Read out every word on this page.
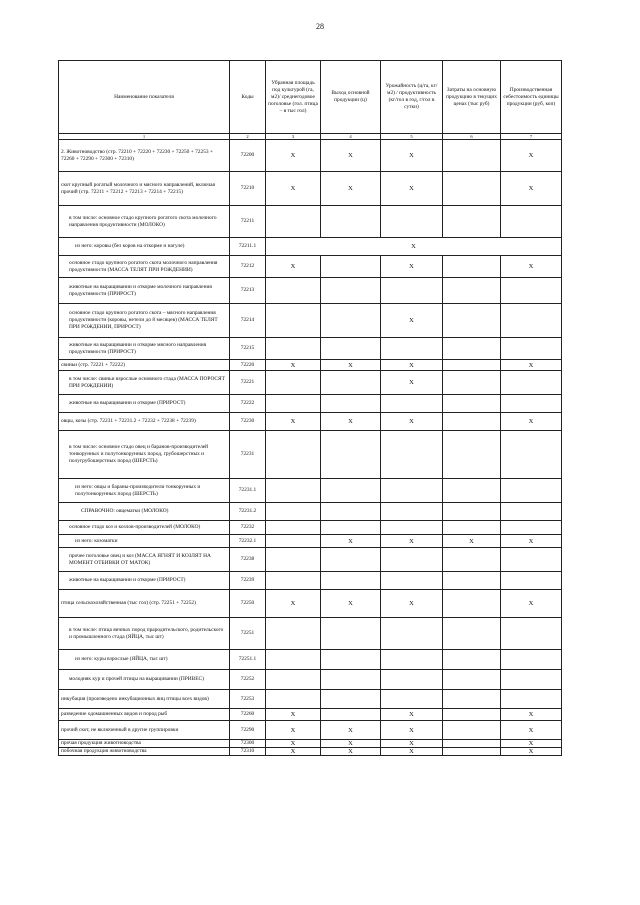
28
Наименование показателя	Коды	Убранная площадь под культурой (га, м2)/ среднегодовое поголовье (гол. птица – в тыс гол)	Выход основной продукции (ц)	Урожайность (ц/га, кг/м2) / продуктивность (кг/гол в год, г/гол в сутки)	Затраты на основную продукцию в текущих ценах (тыс руб)	Производственная себестоимость единицы продукции (руб, коп)
1	2	3	4	5	6	7
2. Животноводство (стр. 72210 + 72220 + 72230 + 72250 + 72253 + 72260 + 72290 + 72300 + 72310)	72200	X	X	X		X
скот крупный рогатый молочного и мясного направлений, включая прочий (стр. 72211 + 72212 + 72213 + 72214 + 72215)	72210	X	X	X		X
в том числе: основное стадо крупного рогатого скота молочного направления продуктивности (МОЛОКО)	72211					
из него: коровы (без коров на откорме и нагуле)	72211.1	X				
основное стадо крупного рогатого скота молочного направления продуктивности (МАССА ТЕЛЯТ ПРИ РОЖДЕНИИ)	72212	X		X		X
животные на выращивании и откорме молочного направления продуктивности (ПРИРОСТ)	72213					
основное стадо крупного рогатого скота – мясного направления продуктивности (коровы, нетели до 8 месяцев) (МАССА ТЕЛЯТ ПРИ РОЖДЕНИИ, ПРИРОСТ)	72214			X		
животные на выращивании и откорме мясного направления продуктивности (ПРИРОСТ)	72215					
свиньи (стр. 72221 + 72222)	72220	X	X	X		X
в том числе: свиньи взрослые основного стада (МАССА ПОРОСЯТ ПРИ РОЖДЕНИИ)	72221			X		
животные на выращивании и откорме (ПРИРОСТ)	72222					
овцы, козы (стр. 72231 + 72231.2 + 72232 + 72238 + 72239)	72230	X	X	X		X
в том числе: основное стадо овец и баранов-производителей тонкорунных и полутонкорунных пород, грубошерстных и полугрубошерстных пород (ШЕРСТЬ)	72231					
из него: овцы и бараны-производители тонкорунных и полутонкорунных пород (ШЕРСТЬ)	72231.1					
СПРАВОЧНО: овцематки (МОЛОКО)	72231.2					
основное стадо коз и козлов-производителей (МОЛОКО)	72232					
из него: козоматки	72232.1		X	X	X	X
прочее поголовье овец и коз (МАССА ЯГНЯТ И КОЗЛЯТ НА МОМЕНТ ОТБИВКИ ОТ МАТОК)	72238					
животные на выращивании и откорме (ПРИРОСТ)	72239					
птица сельскохозяйственная (тыс гол) (стр. 72251 + 72252)	72250	X	X	X		X
в том числе: птица яичных пород прародительского, родительского и промышленного стада (ЯЙЦА, тыс шт)	72251					
из него: куры взрослые (ЯЙЦА, тыс шт)	72251.1					
молодняк кур и прочей птицы на выращивании (ПРИВЕС)	72252					
инкубация (произведено инкубационных яиц птицы всех видов)	72253					
разведение одомашненных видов и пород рыб	72260	X		X		X
прочий скот, не включенный в другие группировки	72290	X	X	X		X
прочая продукция животноводства	72300	X	X	X		X
побочная продукция животноводства	72310	X	X	X		X
